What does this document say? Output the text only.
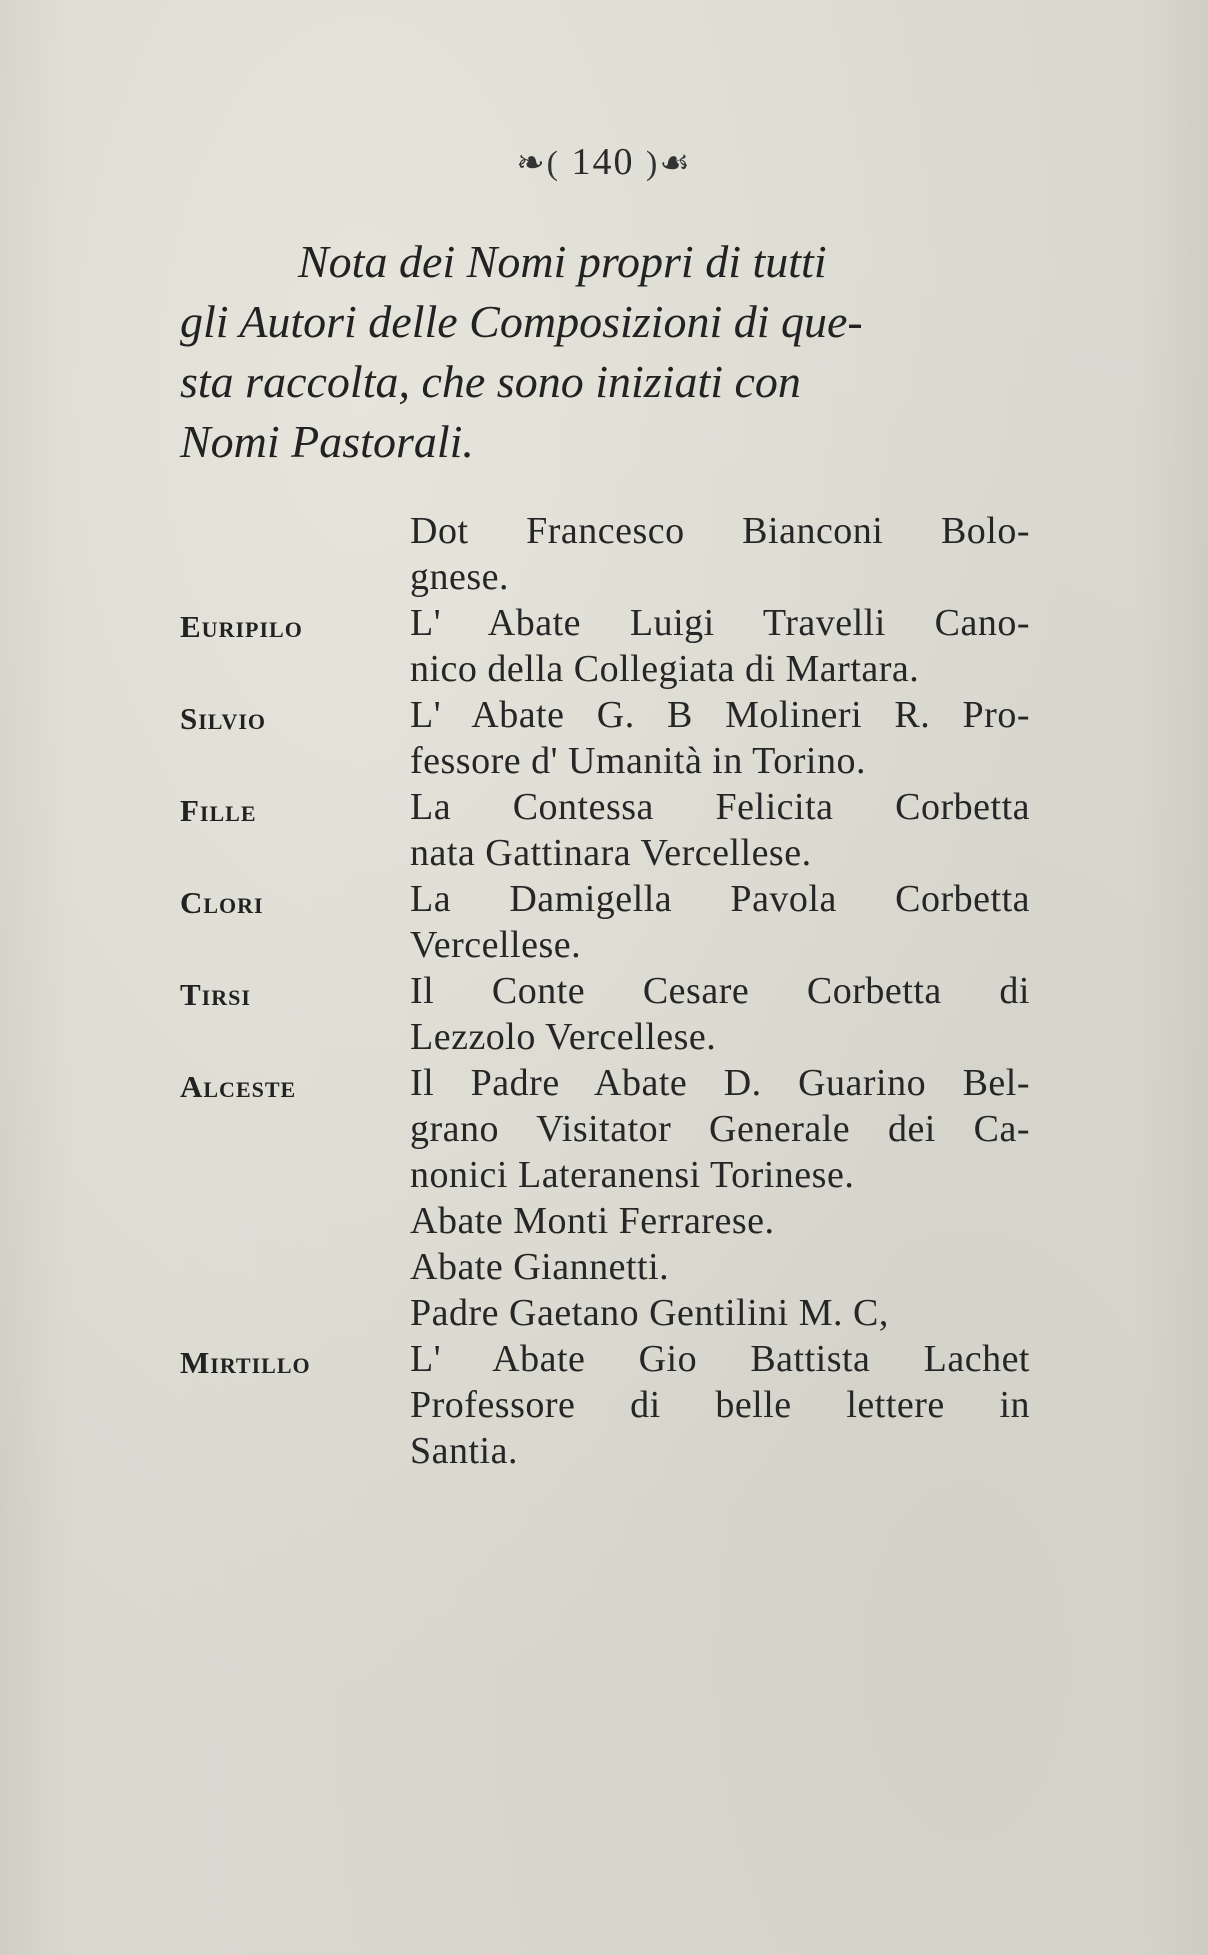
❧( 140 )☙
Nota dei Nomi propri di tutti
gli Autori delle Composizioni di que-
sta raccolta, che sono iniziati con
Nomi Pastorali.
Dot Francesco Bianconi Bolo-
gnese.
Euripilo	L' Abate Luigi Travelli Cano-
nico della Collegiata di Martara.
Silvio	L' Abate G. B Molineri R. Pro-
fessore d' Umanità in Torino.
Fille	La Contessa Felicita Corbetta
nata Gattinara Vercellese.
Clori	La Damigella Pavola Corbetta
Vercellese.
Tirsi	Il Conte Cesare Corbetta di
Lezzolo Vercellese.
Alceste	Il Padre Abate D. Guarino Bel-
grano Visitator Generale dei Ca-
nonici Lateranensi Torinese.
Abate Monti Ferrarese.
Abate Giannetti.
Padre Gaetano Gentilini M. C,
Mirtillo	L' Abate Gio Battista Lachet
Professore di belle lettere in
Santia.
